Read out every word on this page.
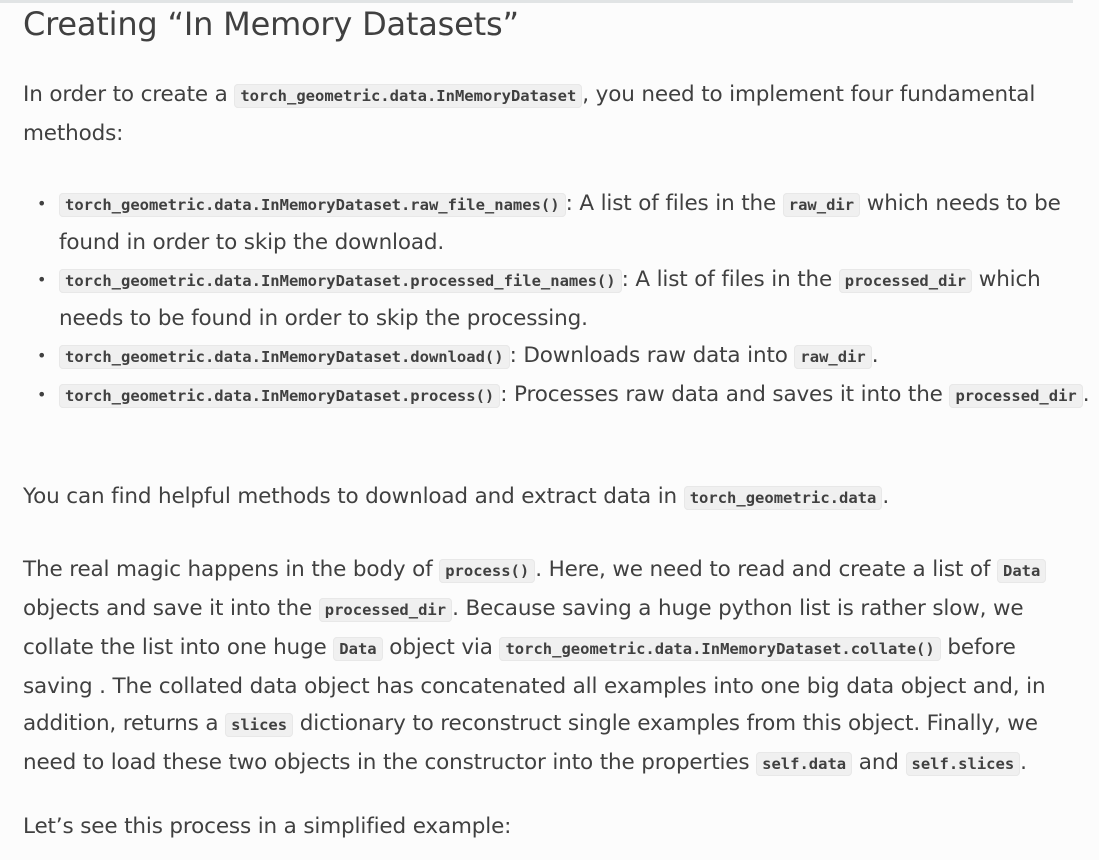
Creating “In Memory Datasets”

In order to create a torch_geometric.data.InMemoryDataset , you need to implement four fundamental methods:

• torch_geometric.data.InMemoryDataset.raw_file_names() : A list of files in the raw_dir which needs to be found in order to skip the download.
• torch_geometric.data.InMemoryDataset.processed_file_names() : A list of files in the processed_dir which needs to be found in order to skip the processing.
• torch_geometric.data.InMemoryDataset.download() : Downloads raw data into raw_dir .
• torch_geometric.data.InMemoryDataset.process() : Processes raw data and saves it into the processed_dir .

You can find helpful methods to download and extract data in torch_geometric.data .

The real magic happens in the body of process() . Here, we need to read and create a list of Data objects and save it into the processed_dir . Because saving a huge python list is rather slow, we collate the list into one huge Data object via torch_geometric.data.InMemoryDataset.collate() before saving . The collated data object has concatenated all examples into one big data object and, in addition, returns a slices dictionary to reconstruct single examples from this object. Finally, we need to load these two objects in the constructor into the properties self.data and self.slices .

Let’s see this process in a simplified example:
